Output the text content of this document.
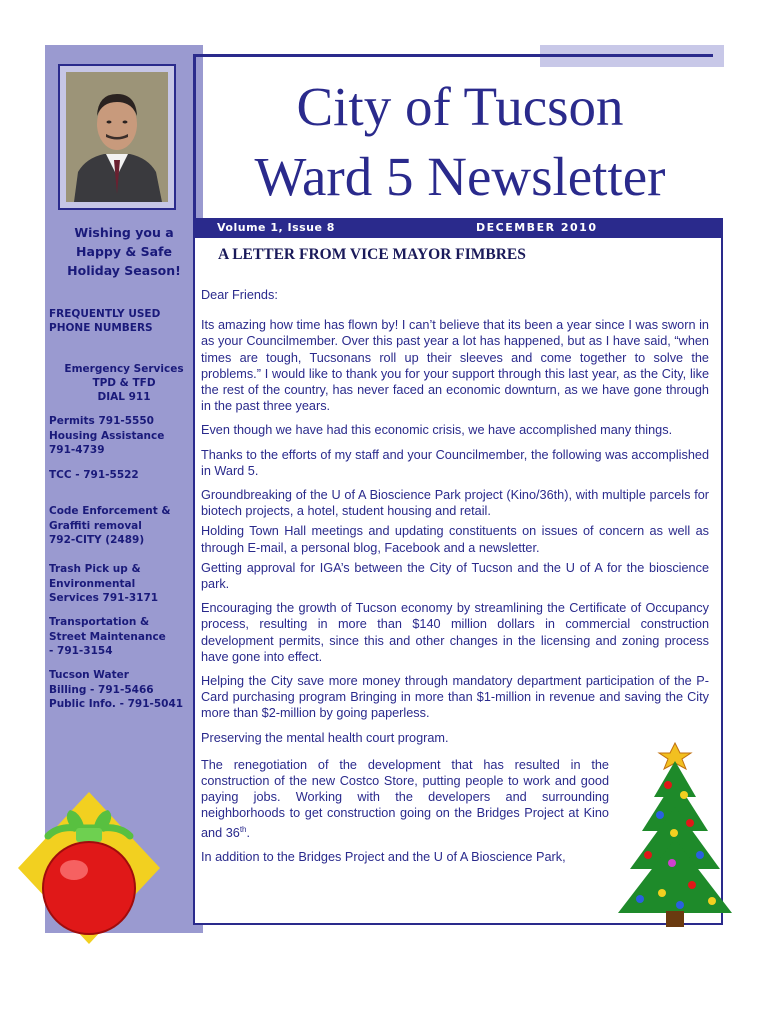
Wishing you a
Happy & Safe
Holiday Season!
FREQUENTLY USED
PHONE NUMBERS
Emergency Services
TPD & TFD
DIAL 911
Permits 791-5550
Housing Assistance
791-4739
TCC - 791-5522
Code Enforcement &
Graffiti removal
792-CITY (2489)
Trash Pick up &
Environmental
Services 791-3171
Transportation &
Street Maintenance
- 791-3154
Tucson Water
Billing - 791-5466
Public Info. - 791-5041
City of Tucson
Ward 5 Newsletter
Volume 1, Issue 8	DECEMBER 2010
A LETTER FROM VICE MAYOR FIMBRES

Dear Friends:

Its amazing how time has flown by! I can’t believe that its been a year since I was sworn in as your Councilmember. Over this past year a lot has happened, but as I have said, “when times are tough, Tucsonans roll up their sleeves and come together to solve the problems.” I would like to thank you for your support through this last year, as the City, like the rest of the country, has never faced an economic downturn, as we have gone through in the past three years.

Even though we have had this economic crisis, we have accomplished many things.

Thanks to the efforts of my staff and your Councilmember, the following was accomplished in Ward 5.

Groundbreaking of the U of A Bioscience Park project (Kino/36th), with multiple parcels for biotech projects, a hotel, student housing and retail.

Holding Town Hall meetings and updating constituents on issues of concern as well as through E-mail, a personal blog, Facebook and a newsletter.

Getting approval for IGA’s between the City of Tucson and the U of A for the bioscience park.

Encouraging the growth of Tucson economy by streamlining the Certificate of Occupancy process, resulting in more than $140 million dollars in commercial construction development permits, since this and other changes in the licensing and zoning process have gone into effect.

Helping the City save more money through mandatory department participation of the P-Card purchasing program Bringing in more than $1-million in revenue and saving the City more than $2-million by going paperless.

Preserving the mental health court program.

The renegotiation of the development that has resulted in the construction of the new Costco Store, putting people to work and good paying jobs. Working with the developers and surrounding neighborhoods to get construction going on the Bridges Project at Kino and 36th.

In addition to the Bridges Project and the U of A Bioscience Park,
